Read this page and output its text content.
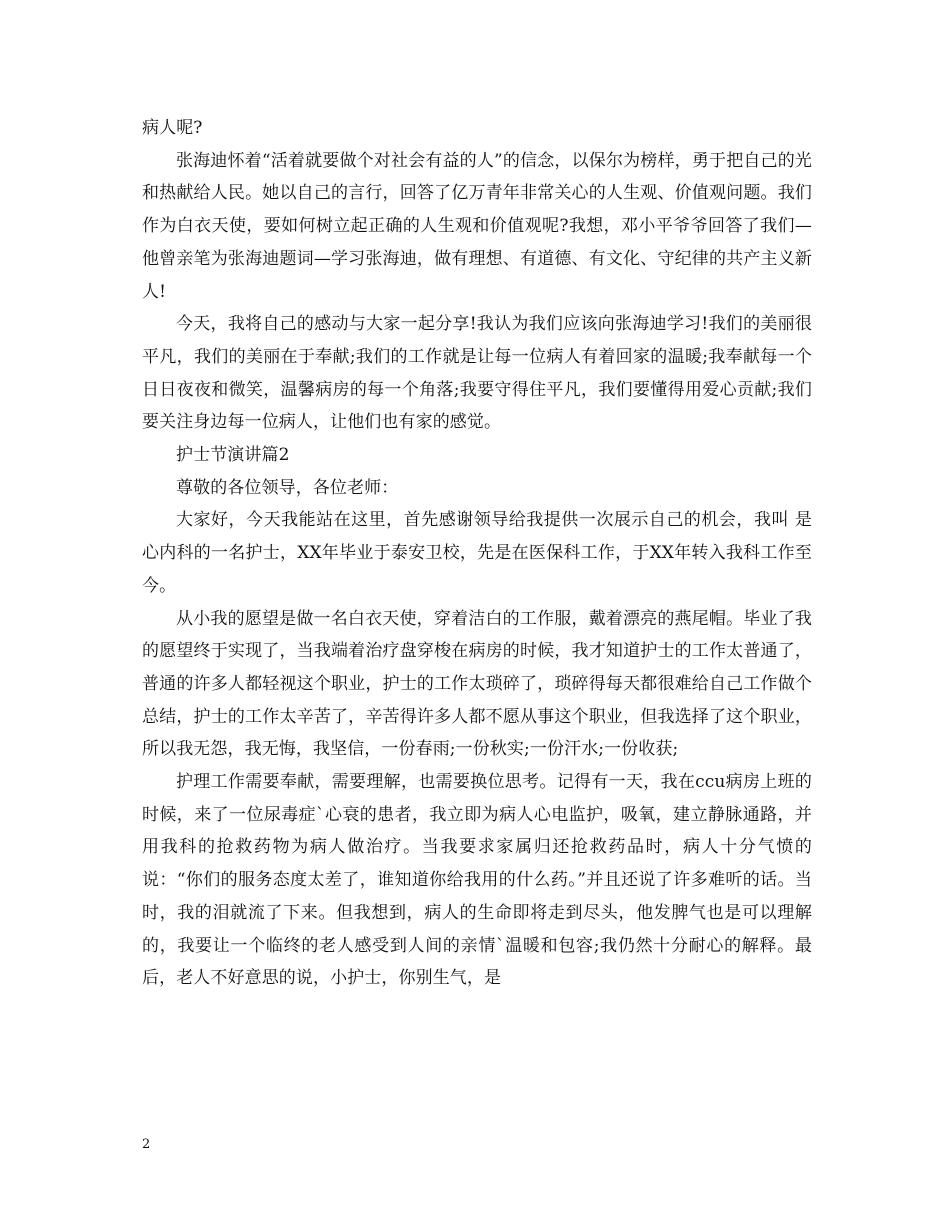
病人呢?

张海迪怀着“活着就要做个对社会有益的人”的信念，以保尔为榜样，勇于把自己的光和热献给人民。她以自己的言行，回答了亿万青年非常关心的人生观、价值观问题。我们作为白衣天使，要如何树立起正确的人生观和价值观呢?我想，邓小平爷爷回答了我们—他曾亲笔为张海迪题词—学习张海迪，做有理想、有道德、有文化、守纪律的共产主义新人!

今天，我将自己的感动与大家一起分享!我认为我们应该向张海迪学习!我们的美丽很平凡，我们的美丽在于奉献;我们的工作就是让每一位病人有着回家的温暖;我奉献每一个日日夜夜和微笑，温馨病房的每一个角落;我要守得住平凡，我们要懂得用爱心贡献;我们要关注身边每一位病人，让他们也有家的感觉。

护士节演讲篇2

尊敬的各位领导，各位老师：

大家好，今天我能站在这里，首先感谢领导给我提供一次展示自己的机会，我叫 是心内科的一名护士，XX年毕业于泰安卫校，先是在医保科工作，于XX年转入我科工作至今。

从小我的愿望是做一名白衣天使，穿着洁白的工作服，戴着漂亮的燕尾帽。毕业了我的愿望终于实现了，当我端着治疗盘穿梭在病房的时候，我才知道护士的工作太普通了，普通的许多人都轻视这个职业，护士的工作太琐碎了，琐碎得每天都很难给自己工作做个总结，护士的工作太辛苦了，辛苦得许多人都不愿从事这个职业，但我选择了这个职业，所以我无怨，我无悔，我坚信，一份春雨;一份秋实;一份汗水;一份收获;

护理工作需要奉献，需要理解，也需要换位思考。记得有一天，我在ccu病房上班的时候，来了一位尿毒症`心衰的患者，我立即为病人心电监护，吸氧，建立静脉通路，并用我科的抢救药物为病人做治疗。当我要求家属归还抢救药品时，病人十分气愤的说：“你们的服务态度太差了，谁知道你给我用的什么药。”并且还说了许多难听的话。当时，我的泪就流了下来。但我想到，病人的生命即将走到尽头，他发脾气也是可以理解的，我要让一个临终的老人感受到人间的亲情`温暖和包容;我仍然十分耐心的解释。最后，老人不好意思的说，小护士，你别生气，是

2
